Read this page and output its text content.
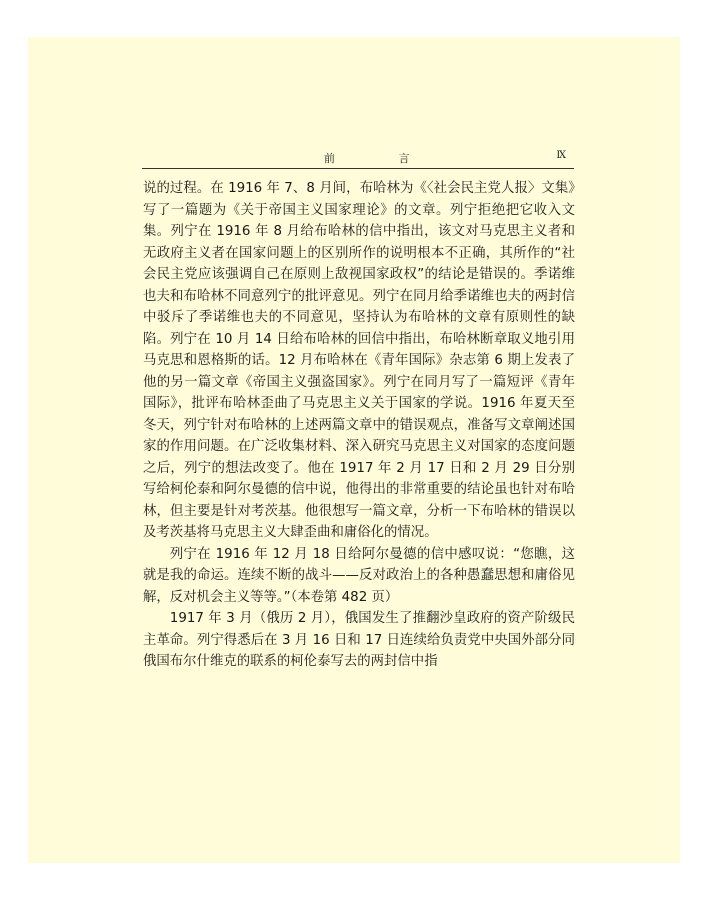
前 言	Ⅸ

说的过程。在 1916 年 7、8 月间，布哈林为《〈社会民主党人报〉文集》写了一篇题为《关于帝国主义国家理论》的文章。列宁拒绝把它收入文集。列宁在 1916 年 8 月给布哈林的信中指出，该文对马克思主义者和无政府主义者在国家问题上的区别所作的说明根本不正确，其所作的“社会民主党应该强调自己在原则上敌视国家政权”的结论是错误的。季诺维也夫和布哈林不同意列宁的批评意见。列宁在同月给季诺维也夫的两封信中驳斥了季诺维也夫的不同意见，坚持认为布哈林的文章有原则性的缺陷。列宁在 10 月 14 日给布哈林的回信中指出，布哈林断章取义地引用马克思和恩格斯的话。12 月布哈林在《青年国际》杂志第 6 期上发表了他的另一篇文章《帝国主义强盗国家》。列宁在同月写了一篇短评《青年国际》，批评布哈林歪曲了马克思主义关于国家的学说。1916 年夏天至冬天，列宁针对布哈林的上述两篇文章中的错误观点，准备写文章阐述国家的作用问题。在广泛收集材料、深入研究马克思主义对国家的态度问题之后，列宁的想法改变了。他在 1917 年 2 月 17 日和 2 月 29 日分别写给柯伦泰和阿尔曼德的信中说，他得出的非常重要的结论虽也针对布哈林，但主要是针对考茨基。他很想写一篇文章，分析一下布哈林的错误以及考茨基将马克思主义大肆歪曲和庸俗化的情况。

列宁在 1916 年 12 月 18 日给阿尔曼德的信中感叹说：“您瞧，这就是我的命运。连续不断的战斗——反对政治上的各种愚蠢思想和庸俗见解，反对机会主义等等。”（本卷第 482 页）

1917 年 3 月（俄历 2 月），俄国发生了推翻沙皇政府的资产阶级民主革命。列宁得悉后在 3 月 16 日和 17 日连续给负责党中央国外部分同俄国布尔什维克的联系的柯伦泰写去的两封信中指
